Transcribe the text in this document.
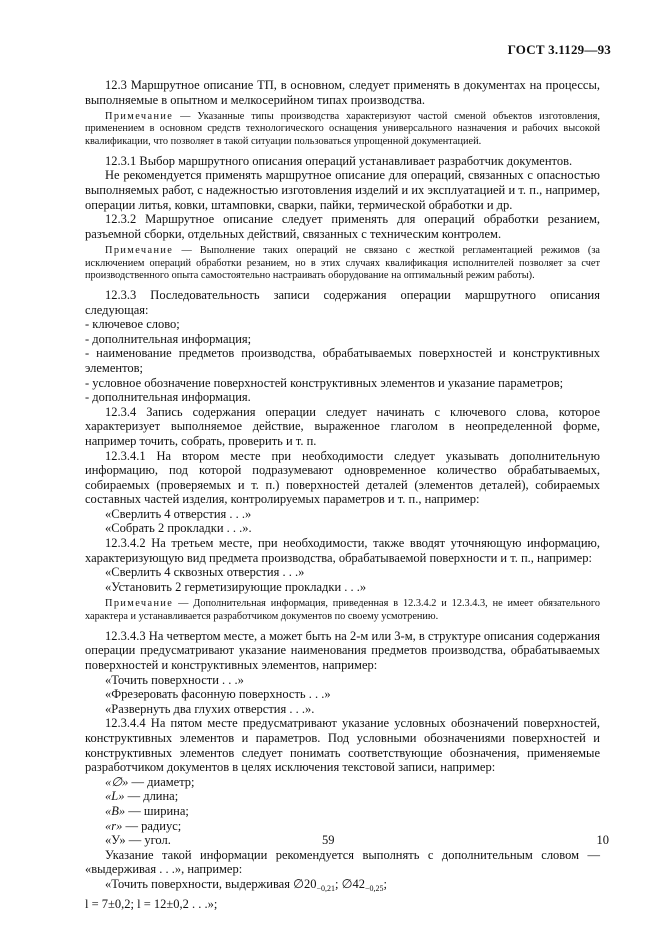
ГОСТ 3.1129—93

12.3 Маршрутное описание ТП, в основном, следует применять в документах на процессы, выполняемые в опытном и мелкосерийном типах производства.

Примечание — Указанные типы производства характеризуют частой сменой объектов изготовления, применением в основном средств технологического оснащения универсального назначения и рабочих высокой квалификации, что позволяет в такой ситуации пользоваться упрощенной документацией.

12.3.1 Выбор маршрутного описания операций устанавливает разработчик документов.

Не рекомендуется применять маршрутное описание для операций, связанных с опасностью выполняемых работ, с надежностью изготовления изделий и их эксплуатацией и т. п., например, операции литья, ковки, штамповки, сварки, пайки, термической обработки и др.

12.3.2 Маршрутное описание следует применять для операций обработки резанием, разъемной сборки, отдельных действий, связанных с техническим контролем.

Примечание — Выполнение таких операций не связано с жесткой регламентацией режимов (за исключением операций обработки резанием, но в этих случаях квалификация исполнителей позволяет за счет производственного опыта самостоятельно настраивать оборудование на оптимальный режим работы).

12.3.3 Последовательность записи содержания операции маршрутного описания следующая:

- ключевое слово;

- дополнительная информация;

- наименование предметов производства, обрабатываемых поверхностей и конструктивных элементов;

- условное обозначение поверхностей конструктивных элементов и указание параметров;

- дополнительная информация.

12.3.4 Запись содержания операции следует начинать с ключевого слова, которое характеризует выполняемое действие, выраженное глаголом в неопределенной форме, например точить, собрать, проверить и т. п.

12.3.4.1 На втором месте при необходимости следует указывать дополнительную информацию, под которой подразумевают одновременное количество обрабатываемых, собираемых (проверяемых и т. п.) поверхностей деталей (элементов деталей), собираемых составных частей изделия, контролируемых параметров и т. п., например:

«Сверлить 4 отверстия . . .»

«Собрать 2 прокладки . . .».

12.3.4.2 На третьем месте, при необходимости, также вводят уточняющую информацию, характеризующую вид предмета производства, обрабатываемой поверхности и т. п., например:

«Сверлить 4 сквозных отверстия . . .»

«Установить 2 герметизирующие прокладки . . .»

Примечание — Дополнительная информация, приведенная в 12.3.4.2 и 12.3.4.3, не имеет обязательного характера и устанавливается разработчиком документов по своему усмотрению.

12.3.4.3 На четвертом месте, а может быть на 2-м или 3-м, в структуре описания содержания операции предусматривают указание наименования предметов производства, обрабатываемых поверхностей и конструктивных элементов, например:

«Точить поверхности . . .»

«Фрезеровать фасонную поверхность . . .»

«Развернуть два глухих отверстия . . .».

12.3.4.4 На пятом месте предусматривают указание условных обозначений поверхностей, конструктивных элементов и параметров. Под условными обозначениями поверхностей и конструктивных элементов следует понимать соответствующие обозначения, применяемые разработчиком документов в целях исключения текстовой записи, например:

«∅» — диаметр;

«L» — длина;

«B» — ширина;

«r» — радиус;

«У» — угол.

Указание такой информации рекомендуется выполнять с дополнительным словом — «выдерживая . . .», например:

«Точить поверхности, выдерживая $\emptyset 20_{-0,21}$; $\emptyset 42_{-0,25}$;

l = 7±0,2; l = 12±0,2 . . .»;

59	10
